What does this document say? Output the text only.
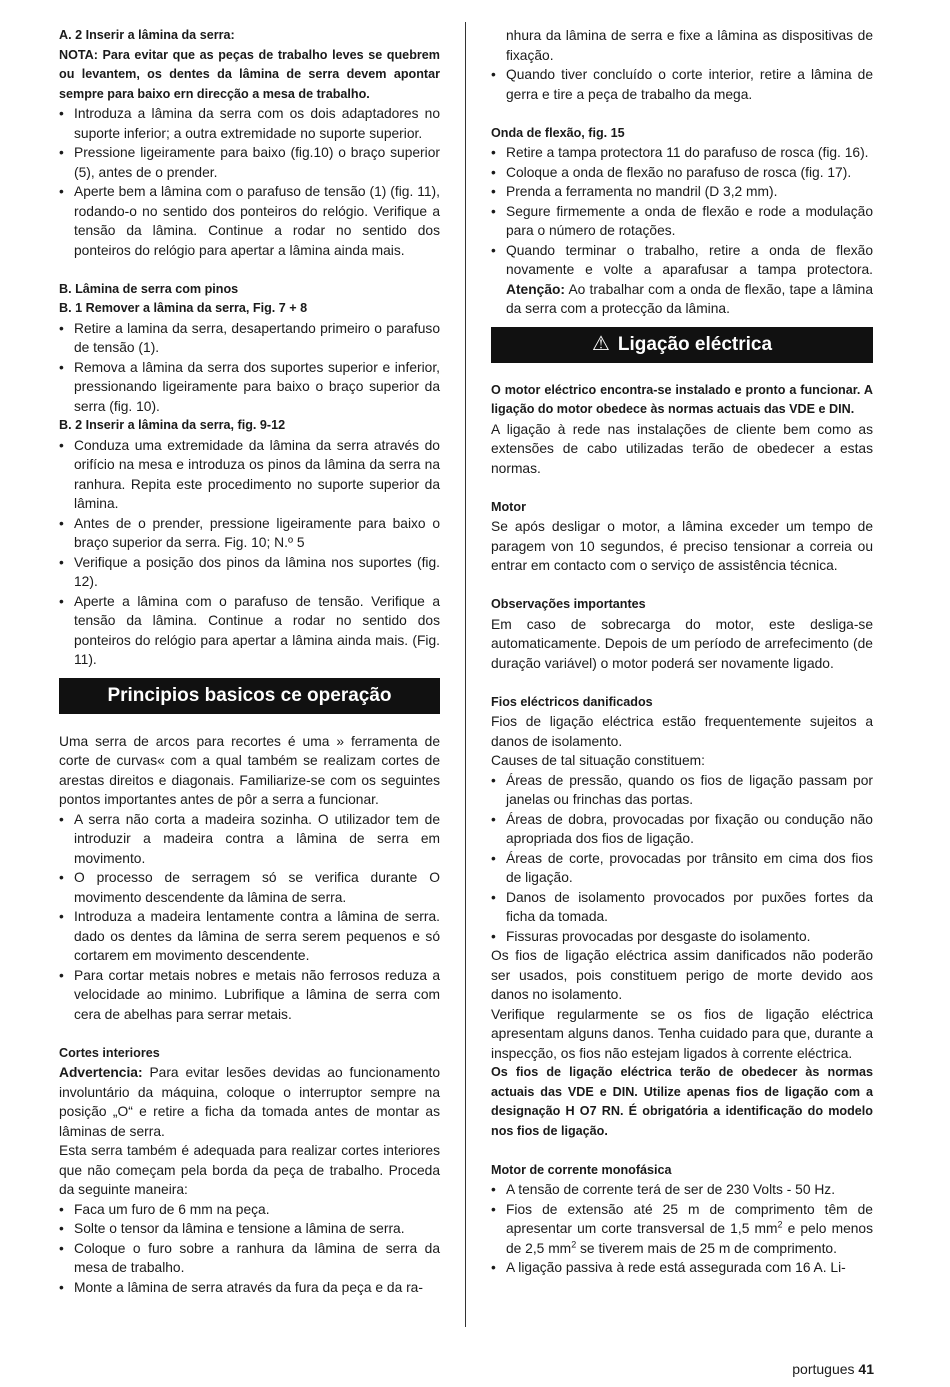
A. 2 Inserir a lâmina da serra:

NOTA: Para evitar que as peças de trabalho leves se quebrem ou levantem, os dentes da lâmina de serra devem apontar sempre para baixo ern direcção a mesa de trabalho.

• Introduza a lâmina da serra com os dois adaptadores no suporte inferior; a outra extremidade no suporte superior.
• Pressione ligeiramente para baixo (fig.10) o braço superior (5), antes de o prender.
• Aperte bem a lâmina com o parafuso de tensão (1) (fig. 11), rodando-o no sentido dos ponteiros do relógio. Verifique a tensão da lâmina. Continue a rodar no sentido dos ponteiros do relógio para apertar a lâmina ainda mais.
B. Lâmina de serra com pinos
B. 1 Remover a lâmina da serra, Fig. 7 + 8
• Retire a lamina da serra, desapertando primeiro o parafuso de tensão (1).
• Remova a lâmina da serra dos suportes superior e inferior, pressionando ligeiramente para baixo o braço superior da serra (fig. 10).
B. 2 Inserir a lâmina da serra, fig. 9-12
• Conduza uma extremidade da lâmina da serra através do orifício na mesa e introduza os pinos da lâmina da serra na ranhura. Repita este procedimento no suporte superior da lâmina.
• Antes de o prender, pressione ligeiramente para baixo o braço superior da serra. Fig. 10; N.º 5
• Verifique a posição dos pinos da lâmina nos suportes (fig. 12).
• Aperte a lâmina com o parafuso de tensão. Verifique a tensão da lâmina. Continue a rodar no sentido dos ponteiros do relógio para apertar a lâmina ainda mais. (Fig. 11).
Principios basicos ce operação

Uma serra de arcos para recortes é uma » ferramenta de corte de curvas« com a qual também se realizam cortes de arestas direitos e diagonais. Familiarize-se com os seguintes pontos importantes antes de pôr a serra a funcionar.

• A serra não corta a madeira sozinha. O utilizador tem de introduzir a madeira contra a lâmina de serra em movimento.
• O processo de serragem só se verifica durante O movimento descendente da lâmina de serra.
• Introduza a madeira lentamente contra a lâmina de serra. dado os dentes da lâmina de serra serem pequenos e só cortarem em movimento descendente.
• Para cortar metais nobres e metais não ferrosos reduza a velocidade ao minimo. Lubrifique a lâmina de serra com cera de abelhas para serrar metais.
Cortes interiores

Advertencia: Para evitar lesões devidas ao funcionamento involuntário da máquina, coloque o interruptor sempre na posição „O“ e retire a ficha da tomada antes de montar as lâminas de serra.

Esta serra também é adequada para realizar cortes interiores que não começam pela borda da peça de trabalho. Proceda da seguinte maneira:

• Faca um furo de 6 mm na peça.
• Solte o tensor da lâmina e tensione a lâmina de serra.
• Coloque o furo sobre a ranhura da lâmina de serra da mesa de trabalho.
• Monte a lâmina de serra através da fura da peça e da ra-
nhura da lâmina de serra e fixe a lâmina as dispositivas de fixação.
• Quando tiver concluído o corte interior, retire a lâmina de gerra e tire a peça de trabalho da mega.
Onda de flexão, fig. 15
• Retire a tampa protectora 11 do parafuso de rosca (fig. 16).
• Coloque a onda de flexão no parafuso de rosca (fig. 17).
• Prenda a ferramenta no mandril (D 3,2 mm).
• Segure firmemente a onda de flexão e rode a modulação para o número de rotações.
• Quando terminar o trabalho, retire a onda de flexão novamente e volte a aparafusar a tampa protectora. Atenção: Ao trabalhar com a onda de flexão, tape a lâmina da serra com a protecção da lâmina.
⚠ Ligação eléctrica

O motor eléctrico encontra-se instalado e pronto a funcionar. A ligação do motor obedece às normas actuais das VDE e DIN.

A ligação à rede nas instalações de cliente bem como as extensões de cabo utilizadas terão de obedecer a estas normas.

Motor

Se após desligar o motor, a lâmina exceder um tempo de paragem von 10 segundos, é preciso tensionar a correia ou entrar em contacto com o serviço de assistência técnica.

Observações importantes

Em caso de sobrecarga do motor, este desliga-se automaticamente. Depois de um período de arrefecimento (de duração variável) o motor poderá ser novamente ligado.

Fios eléctricos danificados

Fios de ligação eléctrica estão frequentemente sujeitos a danos de isolamento.

Causes de tal situação constituem:

• Áreas de pressão, quando os fios de ligação passam por janelas ou frinchas das portas.
• Áreas de dobra, provocadas por fixação ou condução não apropriada dos fios de ligação.
• Áreas de corte, provocadas por trânsito em cima dos fios de ligação.
• Danos de isolamento provocados por puxões fortes da ficha da tomada.
• Fissuras provocadas por desgaste do isolamento.

Os fios de ligação eléctrica assim danificados não poderão ser usados, pois constituem perigo de morte devido aos danos no isolamento.

Verifique regularmente se os fios de ligação eléctrica apresentam alguns danos. Tenha cuidado para que, durante a inspecção, os fios não estejam ligados à corrente eléctrica.

Os fios de ligação eléctrica terão de obedecer às normas actuais das VDE e DIN. Utilize apenas fios de ligação com a designação H O7 RN. É obrigatória a identificação do modelo nos fios de ligação.

Motor de corrente monofásica
• A tensão de corrente terá de ser de 230 Volts - 50 Hz.
• Fios de extensão até 25 m de comprimento têm de apresentar um corte transversal de 1,5 $mm^2$ e pelo menos de 2,5 $mm^2$ se tiverem mais de 25 m de comprimento.
• A ligação passiva à rede está assegurada com 16 A. Li-
portugues 41
